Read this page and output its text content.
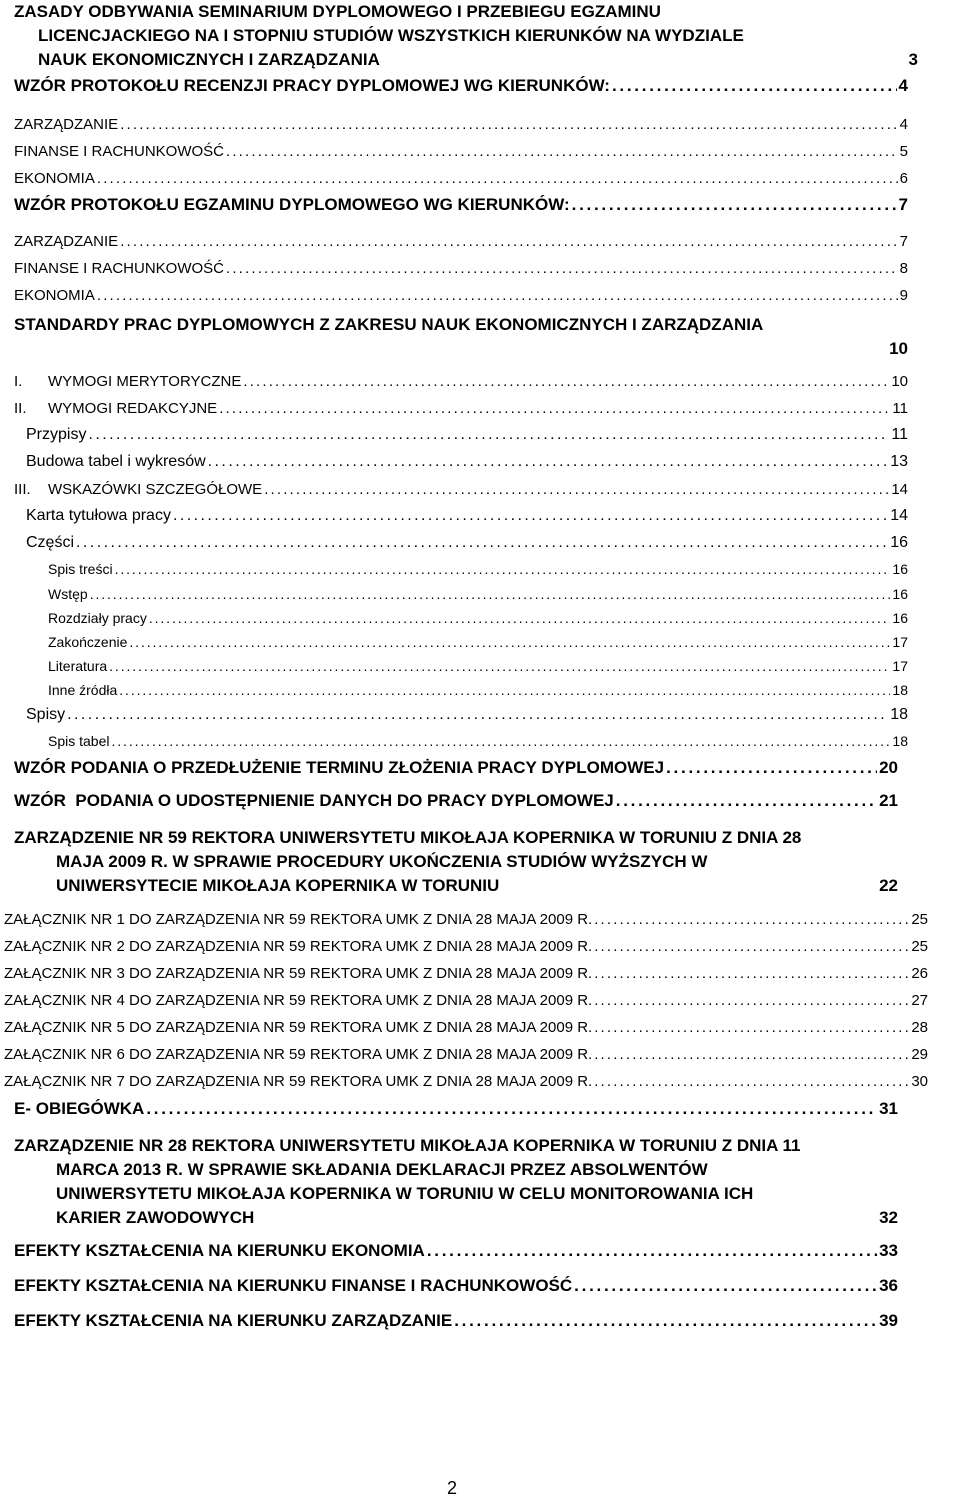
ZASADY ODBYWANIA SEMINARIUM DYPLOMOWEGO I PRZEBIEGU EGZAMINU
LICENCJACKIEGO NA I STOPNIU STUDIÓW WSZYSTKICH KIERUNKÓW NA WYDZIALE
NAUK EKONOMICZNYCH I ZARZĄDZANIA	3
WZÓR PROTOKOŁU RECENZJI PRACY DYPLOMOWEJ WG KIERUNKÓW: . . .	4
ZARZĄDZANIE . . .	4
FINANSE I RACHUNKOWOŚĆ . . .	5
EKONOMIA . . .	6
WZÓR PROTOKOŁU EGZAMINU DYPLOMOWEGO WG KIERUNKÓW: . . .	7
ZARZĄDZANIE . . .	7
FINANSE I RACHUNKOWOŚĆ . . .	8
EKONOMIA . . .	9
STANDARDY PRAC DYPLOMOWYCH Z ZAKRESU NAUK EKONOMICZNYCH I ZARZĄDZANIA
10
I.	WYMOGI MERYTORYCZNE . . .	10
II.	WYMOGI REDAKCYJNE . . .	11
Przypisy . . .	11
Budowa tabel i wykresów . . .	13
III.	WSKAZÓWKI SZCZEGÓŁOWE . . .	14
Karta tytułowa pracy . . .	14
Części . . .	16
Spis treści . . .	16
Wstęp . . .	16
Rozdziały pracy . . .	16
Zakończenie . . .	17
Literatura . . .	17
Inne źródła . . .	18
Spisy . . .	18
Spis tabel . . .	18
WZÓR PODANIA O PRZEDŁUŻENIE TERMINU ZŁOŻENIA PRACY DYPLOMOWEJ . . .	20
WZÓR  PODANIA O UDOSTĘPNIENIE DANYCH DO PRACY DYPLOMOWEJ . . .	21
ZARZĄDZENIE NR 59 REKTORA UNIWERSYTETU MIKOŁAJA KOPERNIKA W TORUNIU Z DNIA 28
MAJA 2009 R. W SPRAWIE PROCEDURY UKOŃCZENIA STUDIÓW WYŻSZYCH W
UNIWERSYTECIE MIKOŁAJA KOPERNIKA W TORUNIU	22
ZAŁĄCZNIK NR 1 DO ZARZĄDZENIA NR 59 REKTORA UMK Z DNIA 28 MAJA 2009 R. . . .	25
ZAŁĄCZNIK NR 2 DO ZARZĄDZENIA NR 59 REKTORA UMK Z DNIA 28 MAJA 2009 R. . . .	25
ZAŁĄCZNIK NR 3 DO ZARZĄDZENIA NR 59 REKTORA UMK Z DNIA 28 MAJA 2009 R. . . .	26
ZAŁĄCZNIK NR 4 DO ZARZĄDZENIA NR 59 REKTORA UMK Z DNIA 28 MAJA 2009 R. . . .	27
ZAŁĄCZNIK NR 5 DO ZARZĄDZENIA NR 59 REKTORA UMK Z DNIA 28 MAJA 2009 R. . . .	28
ZAŁĄCZNIK NR 6 DO ZARZĄDZENIA NR 59 REKTORA UMK Z DNIA 28 MAJA 2009 R. . . .	29
ZAŁĄCZNIK NR 7 DO ZARZĄDZENIA NR 59 REKTORA UMK Z DNIA 28 MAJA 2009 R. . . .	30
E- OBIEGÓWKA . . .	31
ZARZĄDZENIE NR 28 REKTORA UNIWERSYTETU MIKOŁAJA KOPERNIKA W TORUNIU Z DNIA 11
MARCA 2013 R. W SPRAWIE SKŁADANIA DEKLARACJI PRZEZ ABSOLWENTÓW
UNIWERSYTETU MIKOŁAJA KOPERNIKA W TORUNIU W CELU MONITOROWANIA ICH
KARIER ZAWODOWYCH	32
EFEKTY KSZTAŁCENIA NA KIERUNKU EKONOMIA . . .	33
EFEKTY KSZTAŁCENIA NA KIERUNKU FINANSE I RACHUNKOWOŚĆ . . .	36
EFEKTY KSZTAŁCENIA NA KIERUNKU ZARZĄDZANIE . . .	39
2
